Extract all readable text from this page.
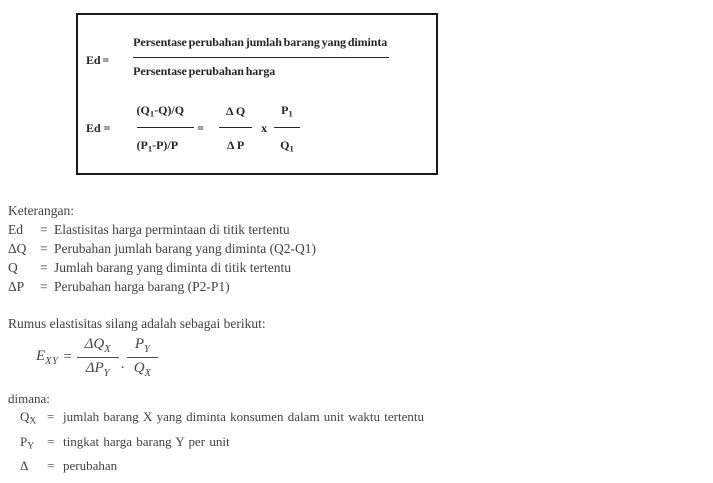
$Ed = \frac{\text{Persentase perubahan jumlah barang yang diminta}}{\text{Persentase perubahan harga}}$
$Ed = \frac{(Q_1-Q)/Q}{(P_1-P)/P} = \frac{\text{Δ Q}}{\text{Δ P}}$ x $\frac{P_1}{Q_1}$
Keterangan:
Ed = Elastisitas harga permintaan di titik tertentu
ΔQ = Perubahan jumlah barang yang diminta (Q2-Q1)
Q = Jumlah barang yang diminta di titik tertentu
ΔP = Perubahan harga barang (P2-P1)
Rumus elastisitas silang adalah sebagai berikut:
$E_{XY} = \frac{\Delta Q_X}{\Delta P_Y}$ . $\frac{P_Y}{Q_X}$
dimana:
QX = jumlah barang X yang diminta konsumen dalam unit waktu tertentu
PY = tingkat harga barang Y per unit
Δ = perubahan
